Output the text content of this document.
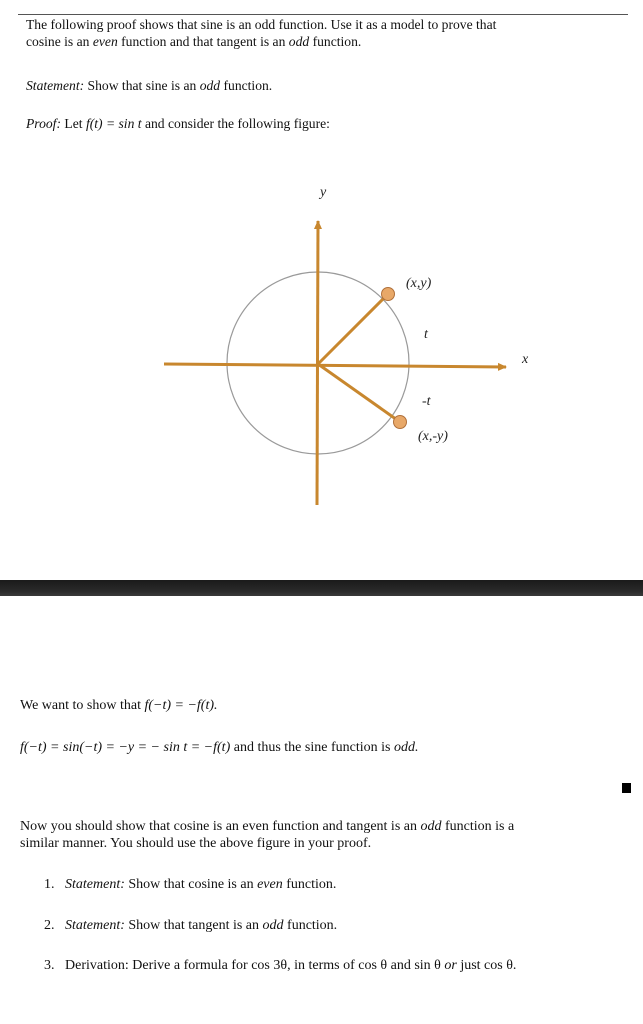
The following proof shows that sine is an odd function. Use it as a model to prove that
cosine is an even function and that tangent is an odd function.
Statement: Show that sine is an odd function.
Proof: Let f(t) = sin t and consider the following figure:
y
x
(x,y)
(x,-y)
t
-t
We want to show that f(−t) = −f(t).
f(−t) = sin(−t) = −y = − sin t = −f(t) and thus the sine function is odd.
Now you should show that cosine is an even function and tangent is an odd function is a
similar manner. You should use the above figure in your proof.
1. Statement: Show that cosine is an even function.
2. Statement: Show that tangent is an odd function.
3. Derivation: Derive a formula for cos 3θ, in terms of cos θ and sin θ or just cos θ.
